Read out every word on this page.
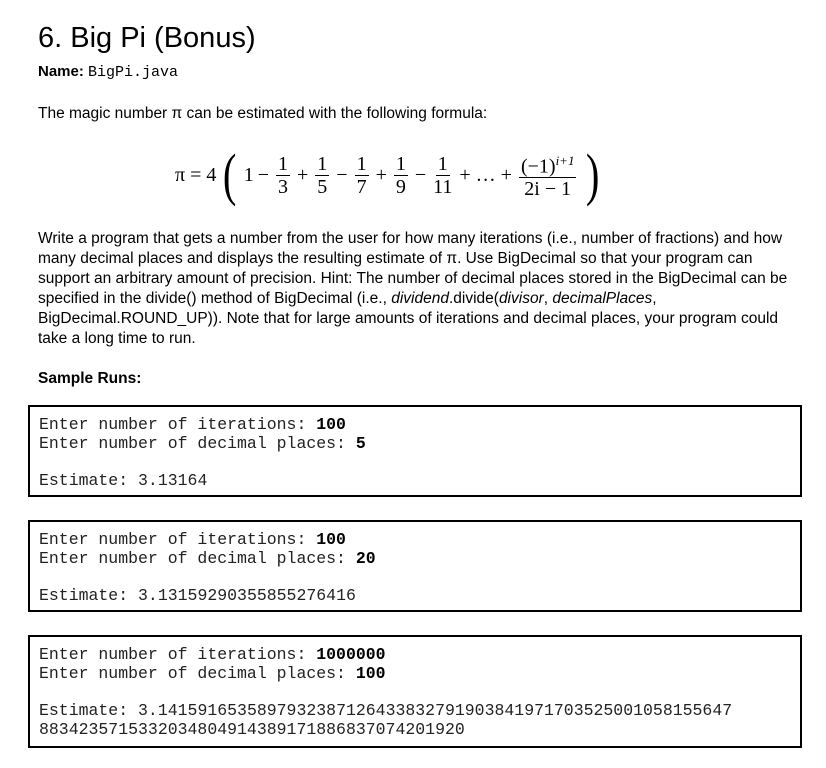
6. Big Pi (Bonus)
Name: BigPi.java
The magic number π can be estimated with the following formula:
π = 4 ( $1 - \frac{1}{3} + \frac{1}{5} - \frac{1}{7} + \frac{1}{9} - \frac{1}{11}$ + … + $\frac{(-1)^{i+1}}{2i - 1}$ )
Write a program that gets a number from the user for how many iterations (i.e., number of fractions) and how many decimal places and displays the resulting estimate of π. Use BigDecimal so that your program can support an arbitrary amount of precision. Hint: The number of decimal places stored in the BigDecimal can be specified in the divide() method of BigDecimal (i.e., dividend.divide(divisor, decimalPlaces, BigDecimal.ROUND_UP)). Note that for large amounts of iterations and decimal places, your program could take a long time to run.
Sample Runs:
Enter number of iterations: 100
Enter number of decimal places: 5
Estimate: 3.13164
Enter number of iterations: 100
Enter number of decimal places: 20
Estimate: 3.13159290355855276416
Enter number of iterations: 1000000
Enter number of decimal places: 100
Estimate: 3.1415916535897932387126433832791903841971703525001058155647
8834235715332034804914389171886837074201920
